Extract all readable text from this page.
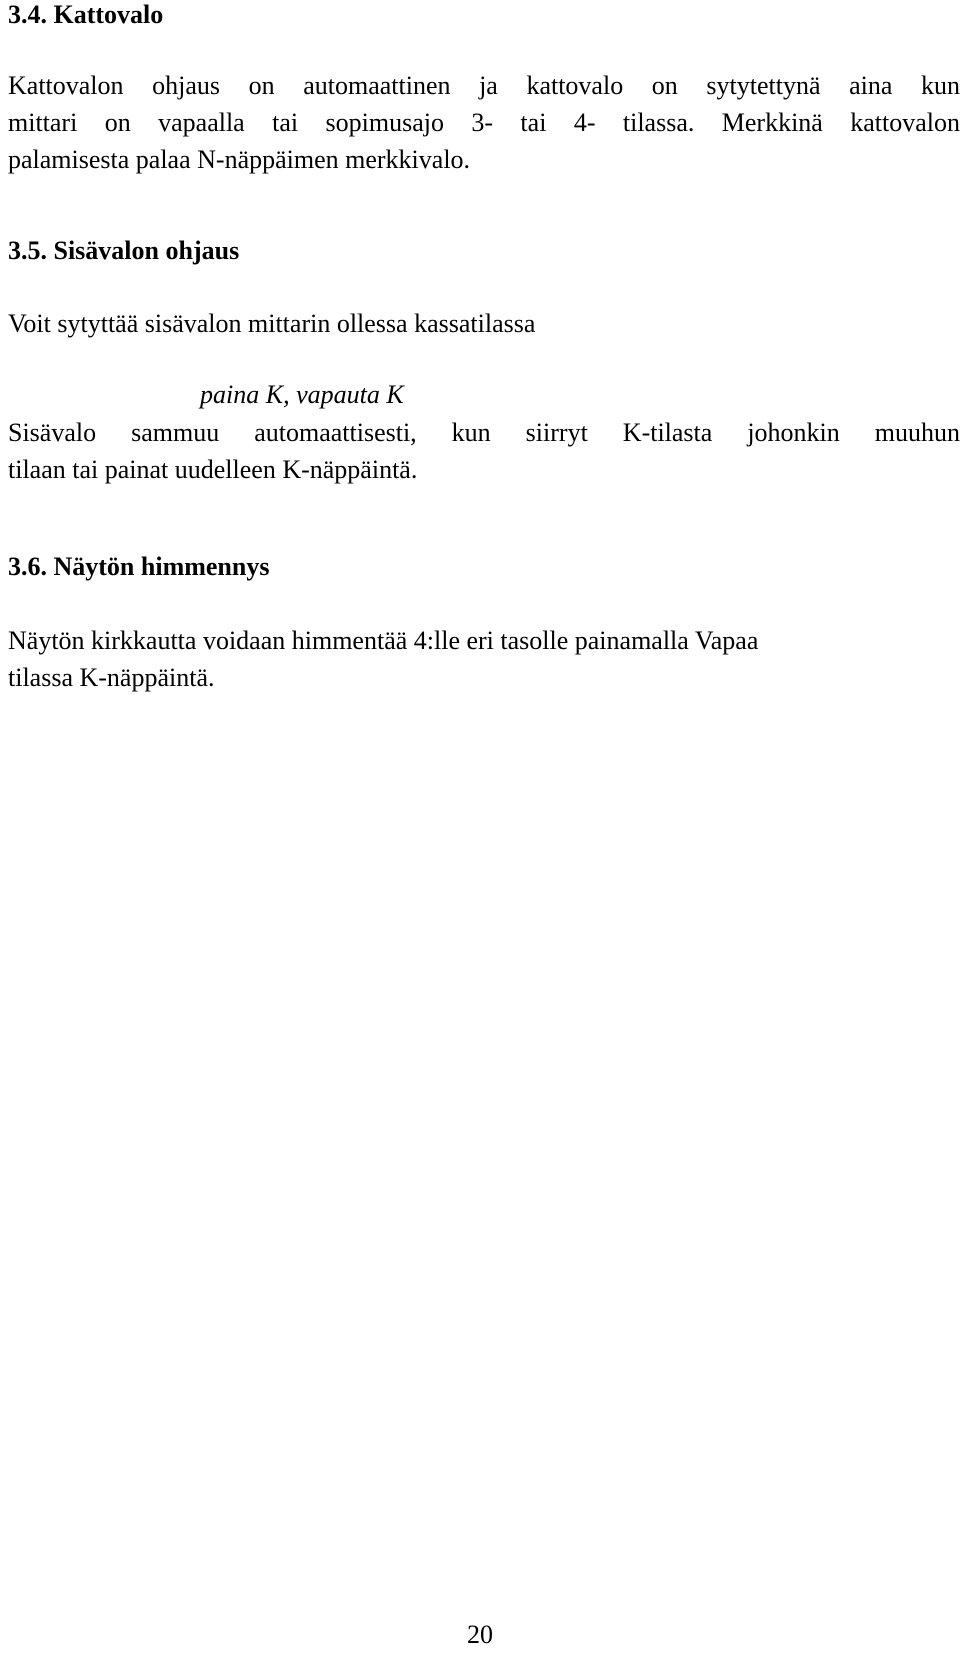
3.4. Kattovalo

Kattovalon ohjaus on automaattinen ja kattovalo on sytytettynä aina kun
mittari on vapaalla tai sopimusajo 3- tai 4- tilassa. Merkkinä kattovalon
palamisesta palaa N-näppäimen merkkivalo.

3.5. Sisävalon ohjaus

Voit sytyttää sisävalon mittarin ollessa kassatilassa

paina K, vapauta K

Sisävalo sammuu automaattisesti, kun siirryt K-tilasta johonkin muuhun
tilaan tai painat uudelleen K-näppäintä.

3.6. Näytön himmennys

Näytön kirkkautta voidaan himmentää 4:lle eri tasolle painamalla Vapaa
tilassa K-näppäintä.

20
